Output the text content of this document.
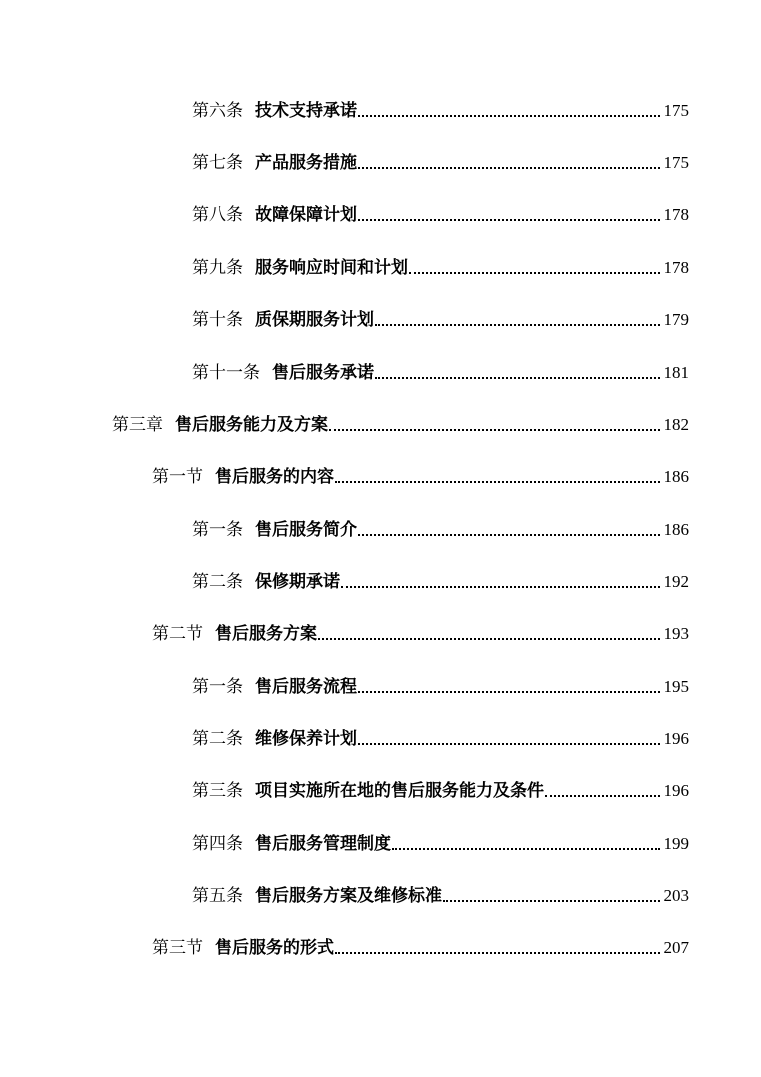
第六条 技术支持承诺	175
第七条 产品服务措施	175
第八条 故障保障计划	178
第九条 服务响应时间和计划	178
第十条 质保期服务计划	179
第十一条 售后服务承诺	181
第三章 售后服务能力及方案	182
第一节 售后服务的内容	186
第一条 售后服务简介	186
第二条 保修期承诺	192
第二节 售后服务方案	193
第一条 售后服务流程	195
第二条 维修保养计划	196
第三条 项目实施所在地的售后服务能力及条件	196
第四条 售后服务管理制度	199
第五条 售后服务方案及维修标准	203
第三节 售后服务的形式	207
